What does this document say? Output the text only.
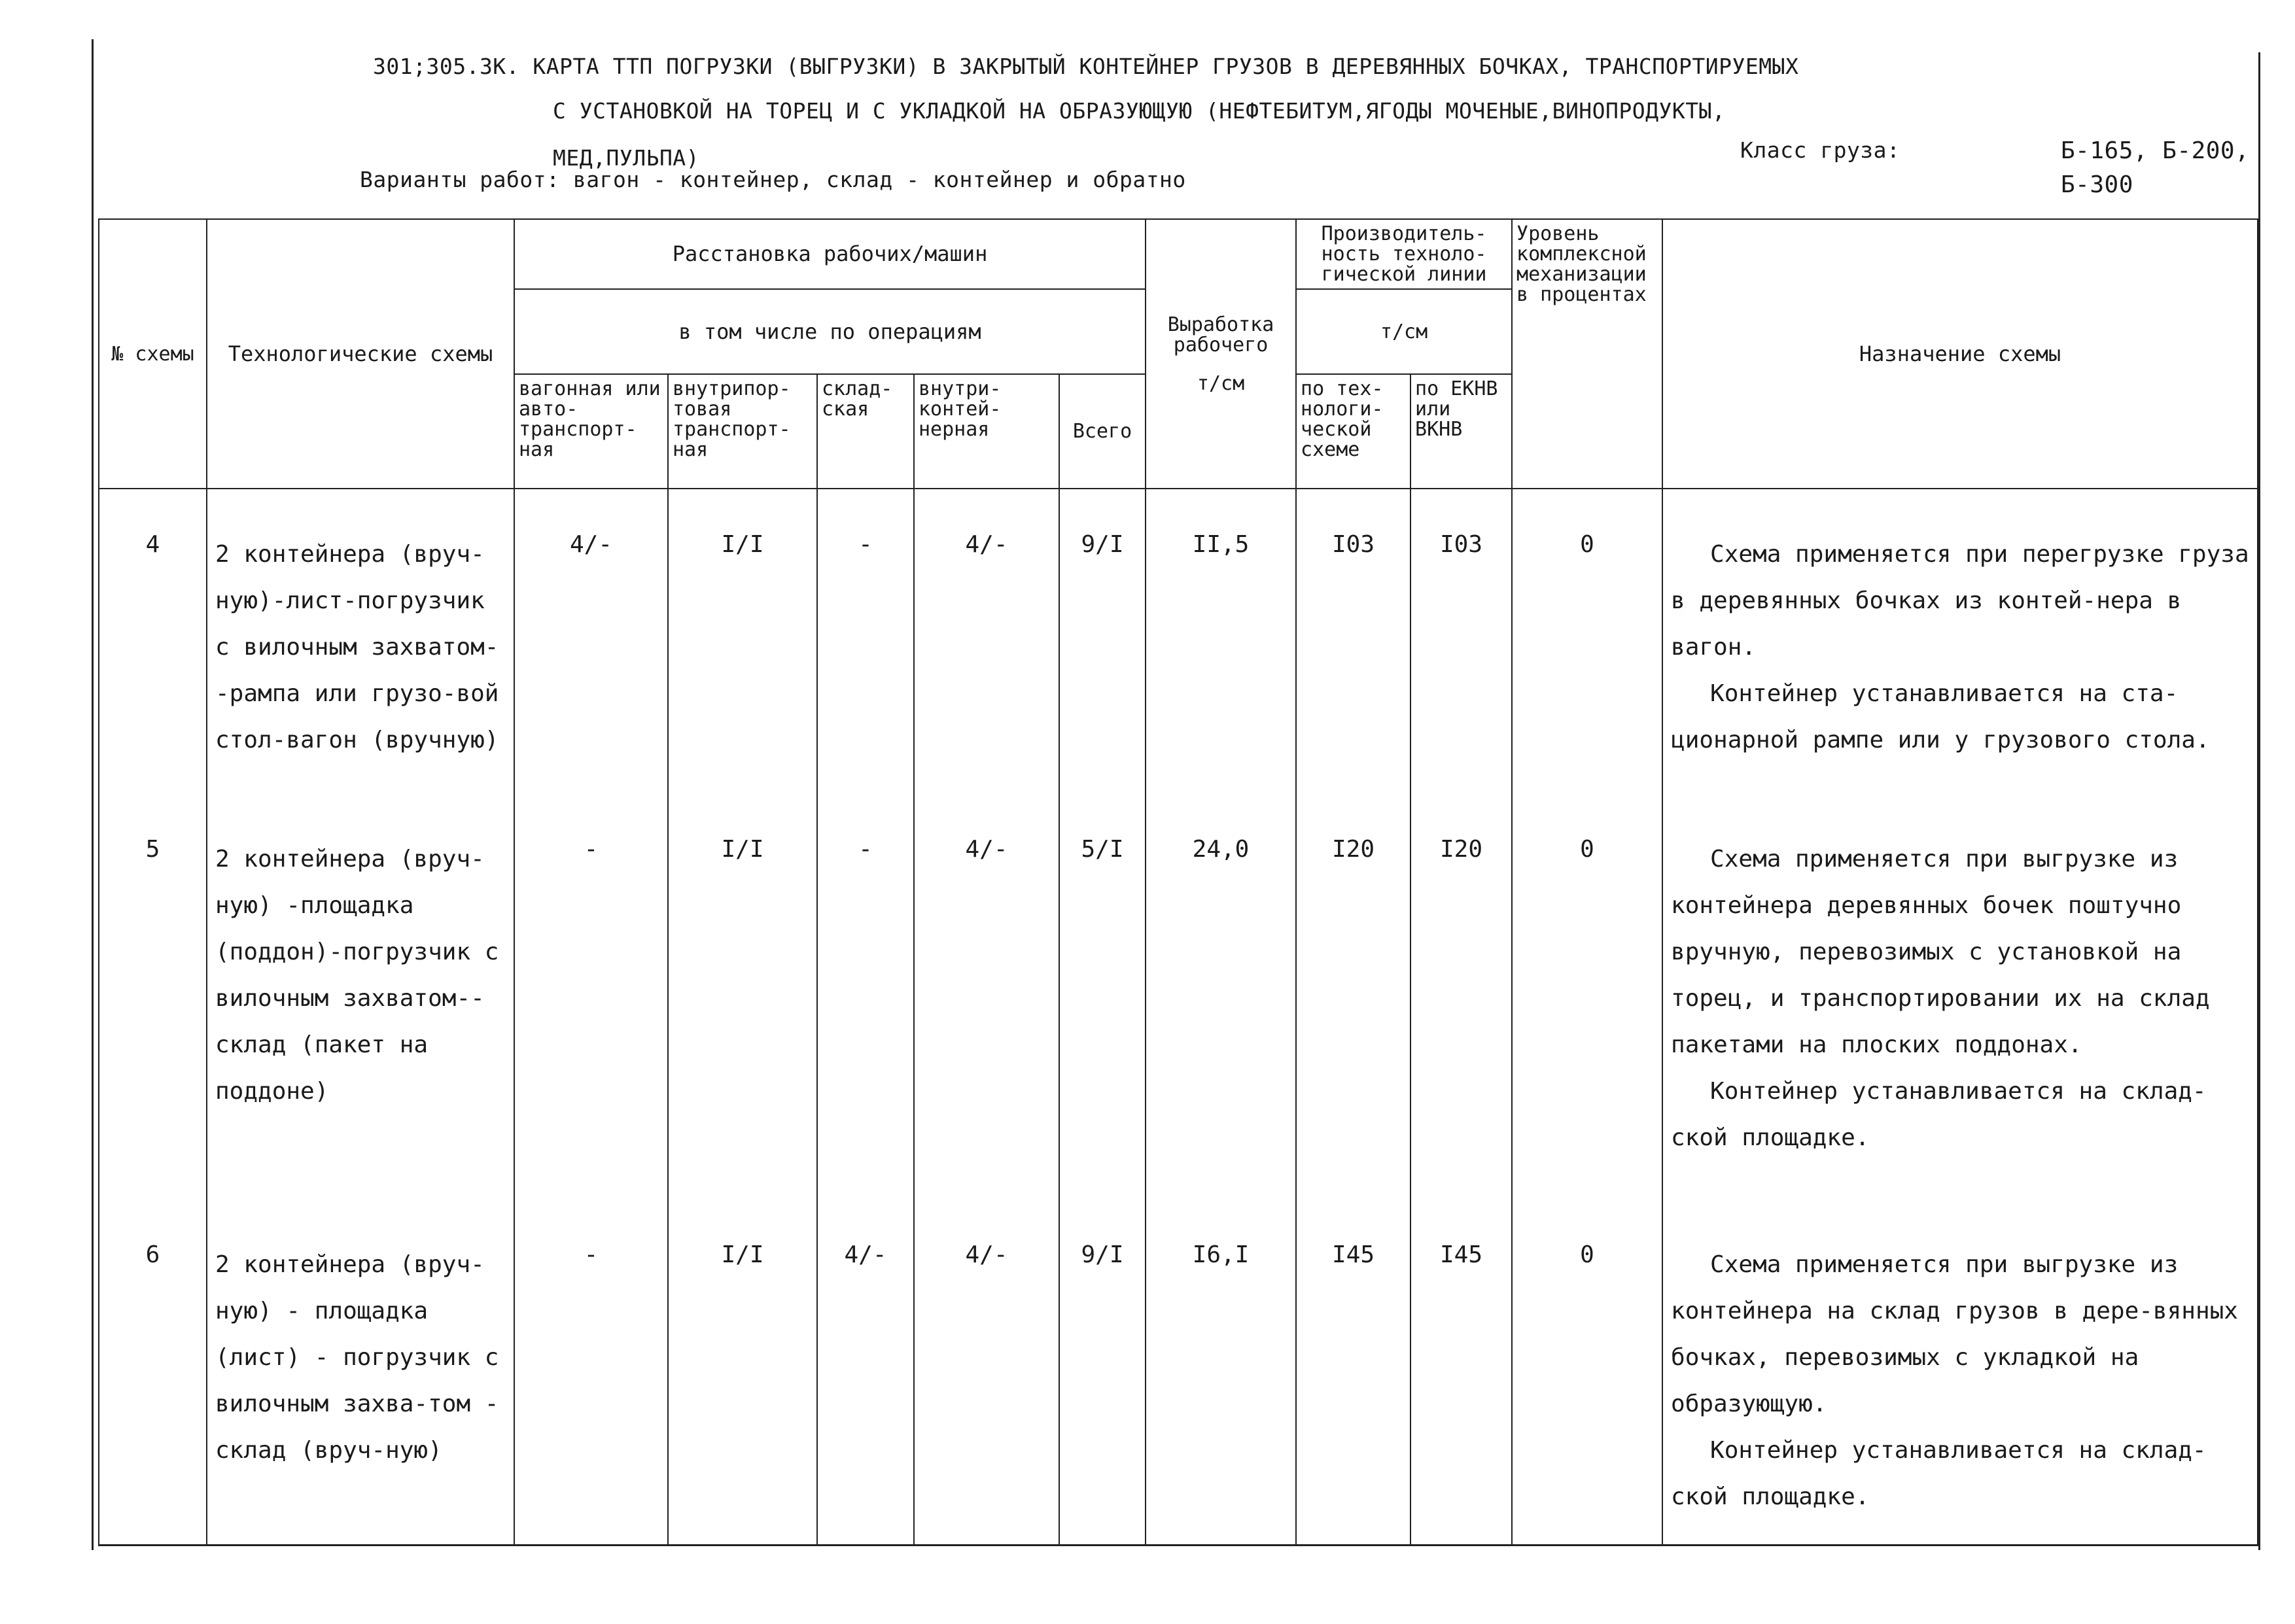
301;305.3К. КАРТА ТТП ПОГРУЗКИ (ВЫГРУЗКИ) В ЗАКРЫТЫЙ КОНТЕЙНЕР ГРУЗОВ В ДЕРЕВЯННЫХ БОЧКАХ, ТРАНСПОРТИРУЕМЫХ
С УСТАНОВКОЙ НА ТОРЕЦ И С УКЛАДКОЙ НА ОБРАЗУЮЩУЮ (НЕФТЕБИТУМ,ЯГОДЫ МОЧЕНЫЕ,ВИНОПРОДУКТЫ,
МЕД,ПУЛЬПА)
Варианты работ: вагон - контейнер, склад - контейнер и обратно
Класс груза:	Б-165, Б-200,
Б-300
№ схемы	Технологические схемы	Расстановка рабочих/машин					Выработка рабочего
т/см	Производитель-ность техноло-гической линии		Уровень комплексной механизации в процентах	Назначение схемы
		в том числе по операциям						т/см			
		вагонная или авто-транспорт-ная	внутрипор-товая транспорт-ная	склад-ская	внутри-контей-нерная	Всего		по тех-нологи-ческой схеме	по ЕКНВ или ВКНВ		
4	2 контейнера (вруч-ную)-лист-погрузчик с вилочным захватом--рампа или грузо-вой стол-вагон (вручную)	4/-	I/I	-	4/-	9/I	II,5	I03	I03	0	Схема применяется при перегрузке груза в деревянных бочках из контей-нера в вагон.

Контейнер устанавливается на ста-ционарной рампе или у грузового стола.

5	2 контейнера (вруч-ную) -площадка (поддон)-погрузчик с вилочным захватом--склад (пакет на поддоне)	-	I/I	-	4/-	5/I	24,0	I20	I20	0	Схема применяется при выгрузке из контейнера деревянных бочек поштучно вручную, перевозимых с установкой на торец, и транспортировании их на склад пакетами на плоских поддонах.

Контейнер устанавливается на склад-ской площадке.

6	2 контейнера (вруч-ную) - площадка (лист) - погрузчик с вилочным захва-том - склад (вруч-ную)	-	I/I	4/-	4/-	9/I	I6,I	I45	I45	0	Схема применяется при выгрузке из контейнера на склад грузов в дере-вянных бочках, перевозимых с укладкой на образующую.

Контейнер устанавливается на склад-ской площадке.
